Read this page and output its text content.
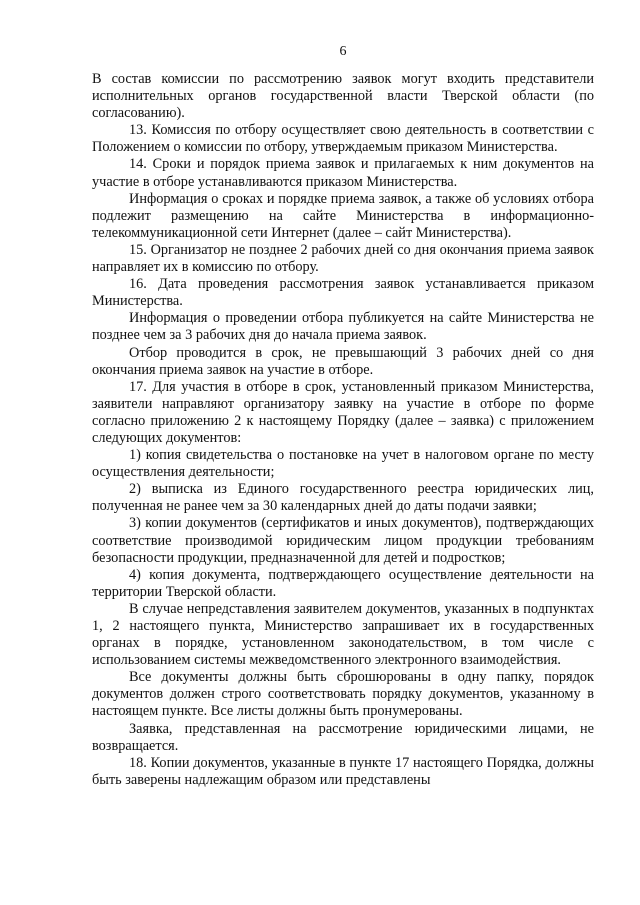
6

В состав комиссии по рассмотрению заявок могут входить представители исполнительных органов государственной власти Тверской области (по согласованию).

13. Комиссия по отбору осуществляет свою деятельность в соответствии с Положением о комиссии по отбору, утверждаемым приказом Министерства.

14. Сроки и порядок приема заявок и прилагаемых к ним документов на участие в отборе устанавливаются приказом Министерства.

Информация о сроках и порядке приема заявок, а также об условиях отбора подлежит размещению на сайте Министерства в информационно-телекоммуникационной сети Интернет (далее – сайт Министерства).

15. Организатор не позднее 2 рабочих дней со дня окончания приема заявок направляет их в комиссию по отбору.

16. Дата проведения рассмотрения заявок устанавливается приказом Министерства.

Информация о проведении отбора публикуется на сайте Министерства не позднее чем за 3 рабочих дня до начала приема заявок.

Отбор проводится в срок, не превышающий 3 рабочих дней со дня окончания приема заявок на участие в отборе.

17. Для участия в отборе в срок, установленный приказом Министерства, заявители направляют организатору заявку на участие в отборе по форме согласно приложению 2 к настоящему Порядку (далее – заявка) с приложением следующих документов:

1) копия свидетельства о постановке на учет в налоговом органе по месту осуществления деятельности;

2) выписка из Единого государственного реестра юридических лиц, полученная не ранее чем за 30 календарных дней до даты подачи заявки;

3) копии документов (сертификатов и иных документов), подтверждающих соответствие производимой юридическим лицом продукции требованиям безопасности продукции, предназначенной для детей и подростков;

4) копия документа, подтверждающего осуществление деятельности на территории Тверской области.

В случае непредставления заявителем документов, указанных в подпунктах 1, 2 настоящего пункта, Министерство запрашивает их в государственных органах в порядке, установленном законодательством, в том числе с использованием системы межведомственного электронного взаимодействия.

Все документы должны быть сброшюрованы в одну папку, порядок документов должен строго соответствовать порядку документов, указанному в настоящем пункте. Все листы должны быть пронумерованы.

Заявка, представленная на рассмотрение юридическими лицами, не возвращается.

18. Копии документов, указанные в пункте 17 настоящего Порядка, должны быть заверены надлежащим образом или представлены
